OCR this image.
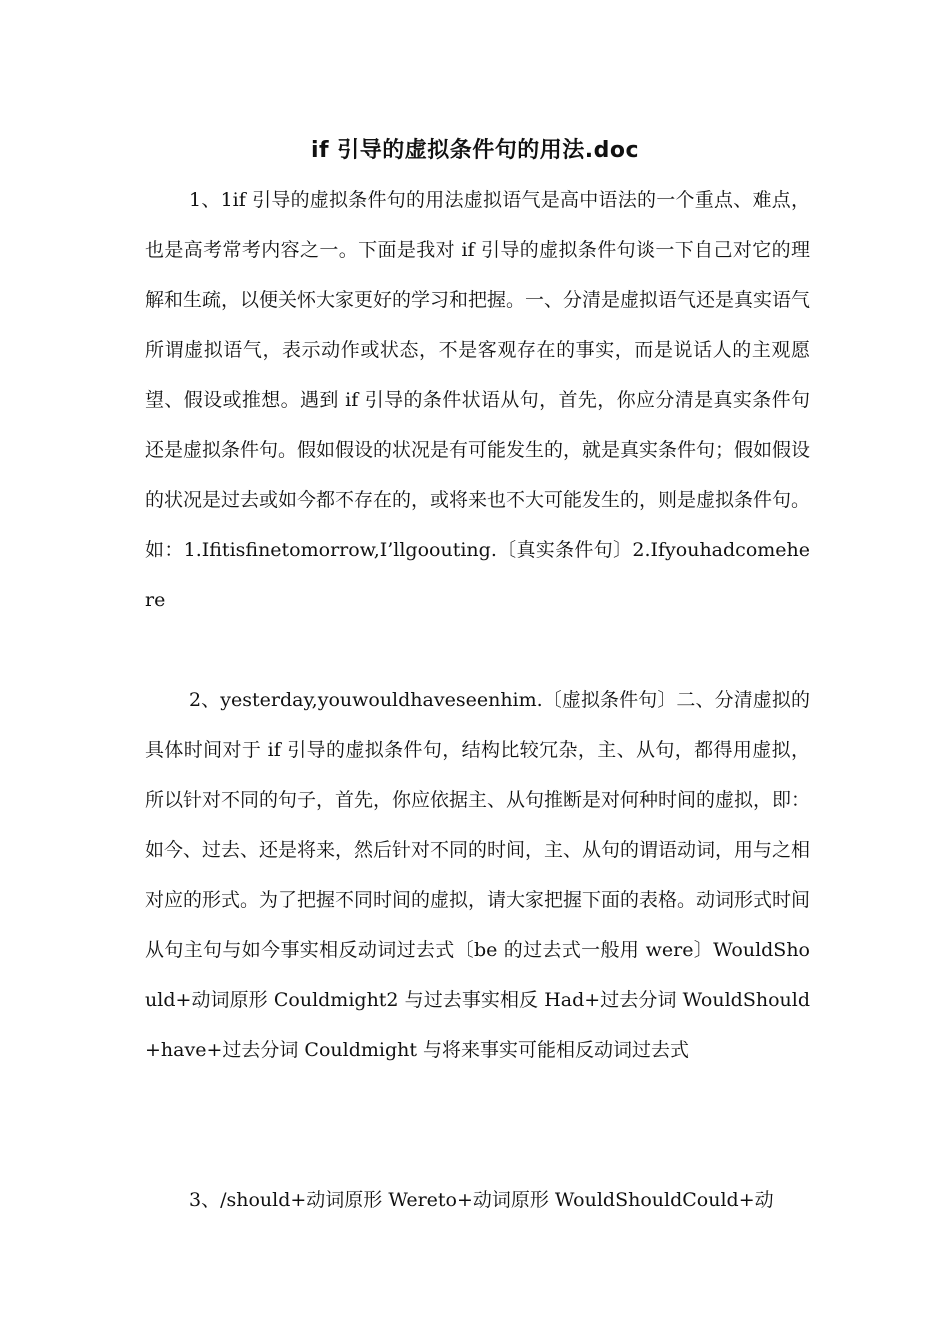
if 引导的虚拟条件句的用法.doc

1、1if 引导的虚拟条件句的用法虚拟语气是高中语法的一个重点、难点，也是高考常考内容之一。下面是我对 if 引导的虚拟条件句谈一下自己对它的理解和生疏，以便关怀大家更好的学习和把握。一、分清是虚拟语气还是真实语气所谓虚拟语气，表示动作或状态，不是客观存在的事实，而是说话人的主观愿望、假设或推想。遇到 if 引导的条件状语从句，首先，你应分清是真实条件句还是虚拟条件句。假如假设的状况是有可能发生的，就是真实条件句；假如假设的状况是过去或如今都不存在的，或将来也不大可能发生的，则是虚拟条件句。如：1.Ifitisfinetomorrow,I’llgoouting.〔真实条件句〕2.Ifyouhadcomehere

2、yesterday,youwouldhaveseenhim.〔虚拟条件句〕二、分清虚拟的具体时间对于 if 引导的虚拟条件句，结构比较冗杂，主、从句，都得用虚拟，所以针对不同的句子，首先，你应依据主、从句推断是对何种时间的虚拟，即：如今、过去、还是将来，然后针对不同的时间，主、从句的谓语动词，用与之相对应的形式。为了把握不同时间的虚拟，请大家把握下面的表格。动词形式时间从句主句与如今事实相反动词过去式〔be 的过去式一般用 were〕WouldShould+动词原形 Couldmight2 与过去事实相反 Had+过去分词 WouldShould+have+过去分词 Couldmight 与将来事实可能相反动词过去式

3、/should+动词原形 Wereto+动词原形 WouldShouldCould+动
